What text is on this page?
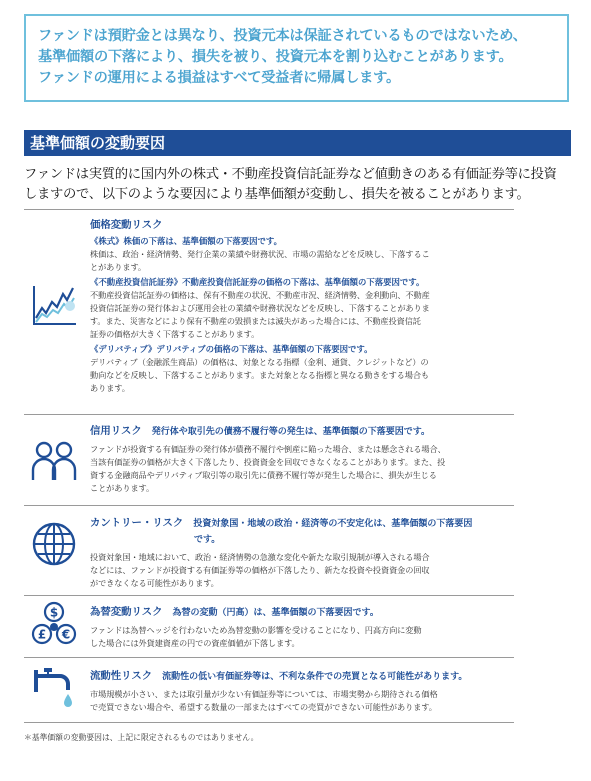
ファンドは預貯金とは異なり、投資元本は保証されているものではないため、

基準価額の下落により、損失を被り、投資元本を割り込むことがあります。

ファンドの運用による損益はすべて受益者に帰属します。

基準価額の変動要因
ファンドは実質的に国内外の株式・不動産投資信託証券など値動きのある有価証券等に投資
しますので、以下のような要因により基準価額が変動し、損失を被ることがあります。
価格変動リスク
《株式》株価の下落は、基準価額の下落要因です。
株価は、政治・経済情勢、発行企業の業績や財務状況、市場の需給などを反映し、下落するこ
とがあります。
《不動産投資信託証券》不動産投資信託証券の価格の下落は、基準価額の下落要因です。
不動産投資信託証券の価格は、保有不動産の状況、不動産市況、経済情勢、金利動向、不動産
投資信託証券の発行体および運用会社の業績や財務状況などを反映し、下落することがありま
す。また、災害などにより保有不動産の毀損または滅失があった場合には、不動産投資信託
証券の価格が大きく下落することがあります。
《デリバティブ》デリバティブの価格の下落は、基準価額の下落要因です。
デリバティブ（金融派生商品）の価格は、対象となる指標（金利、通貨、クレジットなど）の
動向などを反映し、下落することがあります。また対象となる指標と異なる動きをする場合も
あります。
信用リスク 発行体や取引先の債務不履行等の発生は、基準価額の下落要因です。
ファンドが投資する有価証券の発行体が債務不履行や倒産に陥った場合、または懸念される場合、
当該有価証券の価格が大きく下落したり、投資資金を回収できなくなることがあります。また、投
資する金融商品やデリバティブ取引等の取引先に債務不履行等が発生した場合に、損失が生じる
ことがあります。
カントリー・リスク 投資対象国・地域の政治・経済等の不安定化は、基準価額の下落要因
です。
投資対象国・地域において、政治・経済情勢の急激な変化や新たな取引規制が導入される場合
などには、ファンドが投資する有価証券等の価格が下落したり、新たな投資や投資資金の回収
ができなくなる可能性があります。
$
£ €
為替変動リスク 為替の変動（円高）は、基準価額の下落要因です。
ファンドは為替ヘッジを行わないため為替変動の影響を受けることになり、円高方向に変動
した場合には外貨建資産の円での資産価値が下落します。
流動性リスク 流動性の低い有価証券等は、不利な条件での売買となる可能性があります。
市場規模が小さい、または取引量が少ない有価証券等については、市場実勢から期待される価格
で売買できない場合や、希望する数量の一部またはすべての売買ができない可能性があります。
＊基準価額の変動要因は、上記に限定されるものではありません。
